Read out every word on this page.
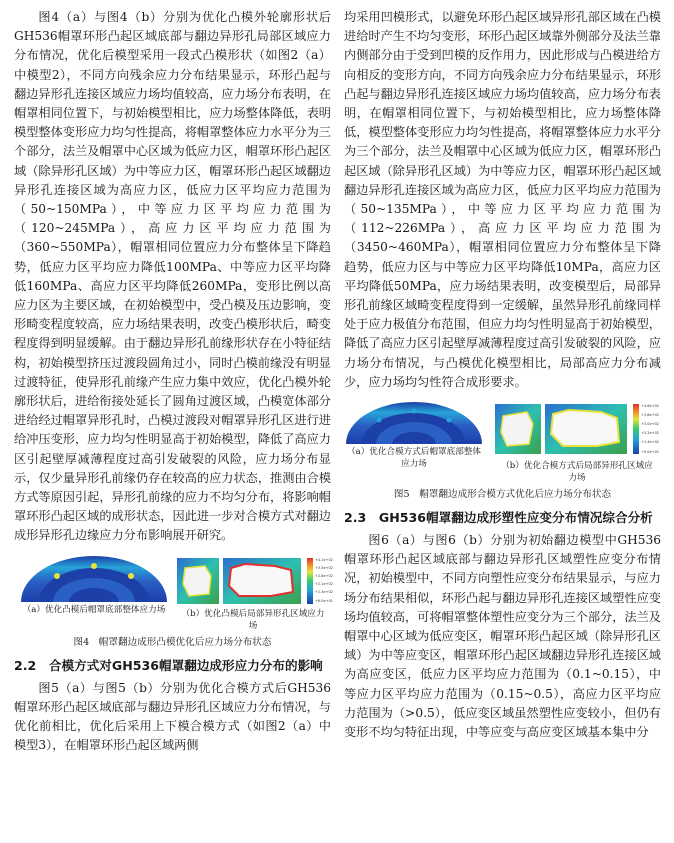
图4（a）与图4（b）分别为优化凸模外轮廓形状后GH536帽罩环形凸起区域底部与翻边异形孔局部区域应力分布情况，优化后模型采用一段式凸模形状（如图2（a）中模型2），不同方向残余应力分布结果显示，环形凸起与翻边异形孔连接区域应力场均值较高，应力场分布表明，在帽罩相同位置下，与初始模型相比，应力场整体降低，表明模型整体变形应力均匀性提高，将帽罩整体应力水平分为三个部分，法兰及帽罩中心区域为低应力区，帽罩环形凸起区域（除异形孔区域）为中等应力区，帽罩环形凸起区域翻边异形孔连接区域为高应力区，低应力区平均应力范围为（50~150MPa），中等应力区平均应力范围为（120~245MPa），高应力区平均应力范围为（360~550MPa），帽罩相同位置应力分布整体呈下降趋势，低应力区平均应力降低100MPa、中等应力区平均降低160MPa、高应力区平均降低260MPa，变形比例以高应力区为主要区域，在初始模型中，受凸模及压边影响，变形畸变程度较高，应力场结果表明，改变凸模形状后，畸变程度得到明显缓解。由于翻边异形孔前缘形状存在小特征结构，初始模型挤压过渡段圆角过小，同时凸模前缘没有明显过渡特征，使异形孔前缘产生应力集中效应，优化凸模外轮廓形状后，进给衔接处延长了圆角过渡区域，凸模宽体部分进给经过帽罩异形孔时，凸模过渡段对帽罩异形孔区进行进给冲压变形，应力均匀性明显高于初始模型，降低了高应力区引起壁厚减薄程度过高引发破裂的风险，应力场分布显示，仅少量异形孔前缘仍存在较高的应力状态，推测由合模方式等原因引起，异形孔前缘的应力不均匀分布，将影响帽罩环形凸起区域的成形状态，因此进一步对合模方式对翻边成形异形孔边缘应力分布影响展开研究。

（a）优化凸模后帽罩底部整体应力场
+4.1e+02
+3.5e+02
+2.8e+02
+2.1e+02
+1.4e+02
+6.0e+01
（b）优化凸模后局部异形孔区域应力场
图4　帽罩翻边成形凸模优化后应力场分布状态
2.2　合模方式对GH536帽罩翻边成形应力分布的影响

图5（a）与图5（b）分别为优化合模方式后GH536帽罩环形凸起区域底部与翻边异形孔区域应力分布情况，与优化前相比，优化后采用上下模合模方式（如图2（a）中模型3），在帽罩环形凸起区域两侧

均采用凹模形式，以避免环形凸起区域异形孔部区域在凸模进给时产生不均匀变形，环形凸起区域靠外侧部分及法兰靠内侧部分由于受到凹模的反作用力，因此形成与凸模进给方向相反的变形方向，不同方向残余应力分布结果显示，环形凸起与翻边异形孔连接区域应力场均值较高，应力场分布表明，在帽罩相同位置下，与初始模型相比，应力场整体降低，模型整体变形应力均匀性提高，将帽罩整体应力水平分为三个部分，法兰及帽罩中心区域为低应力区，帽罩环形凸起区域（除异形孔区域）为中等应力区，帽罩环形凸起区域翻边异形孔连接区域为高应力区，低应力区平均应力范围为（50~135MPa），中等应力区平均应力范围为（112~226MPa），高应力区平均应力范围为（3450~460MPa），帽罩相同位置应力分布整体呈下降趋势，低应力区与中等应力区平均降低10MPa，高应力区平均降低50MPa，应力场结果表明，改变模型后，局部异形孔前缘区域畸变程度得到一定缓解，虽然异形孔前缘同样处于应力极值分布范围，但应力均匀性明显高于初始模型，降低了高应力区引起壁厚减薄程度过高引发破裂的风险，应力场分布情况，与凸模优化模型相比，局部高应力分布减少，应力场均匀性符合成形要求。

（a）优化合模方式后帽罩底部整体应力场
+4.6e+02
+3.8e+02
+3.0e+02
+2.2e+02
+1.4e+02
+5.0e+01
（b）优化合模方式后局部异形孔区域应力场
图5　帽罩翻边成形合模方式优化后应力场分布状态
2.3　GH536帽罩翻边成形塑性应变分布情况综合分析

图6（a）与图6（b）分别为初始翻边模型中GH536帽罩环形凸起区域底部与翻边异形孔区域塑性应变分布情况，初始模型中，不同方向塑性应变分布结果显示，与应力场分布结果相似，环形凸起与翻边异形孔连接区域塑性应变场均值较高，可将帽罩整体塑性应变分为三个部分，法兰及帽罩中心区域为低应变区，帽罩环形凸起区域（除异形孔区域）为中等应变区，帽罩环形凸起区域翻边异形孔连接区域为高应变区，低应力区平均应力范围为（0.1~0.15），中等应力区平均应力范围为（0.15~0.5），高应力区平均应力范围为（>0.5），低应变区域虽然塑性应变较小，但仍有变形不均匀特征出现，中等应变与高应变区域基本集中分
